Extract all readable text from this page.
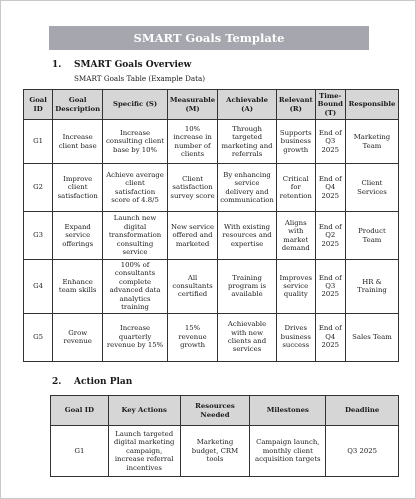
SMART Goals Template
1. SMART Goals Overview
SMART Goals Table (Example Data)
Goal ID	Goal Description	Specific (S)	Measurable (M)	Achievable (A)	Relevant (R)	Time-Bound (T)	Responsible
G1	Increase client base	Increase consulting client base by 10%	10% increase in number of clients	Through targeted marketing and referrals	Supports business growth	End of Q3 2025	Marketing Team
G2	Improve client satisfaction	Achieve average client satisfaction score of 4.8/5	Client satisfaction survey score	By enhancing service delivery and communication	Critical for retention	End of Q4 2025	Client Services
G3	Expand service offerings	Launch new digital transformation consulting service	New service offered and marketed	With existing resources and expertise	Aligns with market demand	End of Q2 2025	Product Team
G4	Enhance team skills	100% of consultants complete advanced data analytics training	All consultants certified	Training program is available	Improves service quality	End of Q3 2025	HR & Training
G5	Grow revenue	Increase quarterly revenue by 15%	15% revenue growth	Achievable with new clients and services	Drives business success	End of Q4 2025	Sales Team
2. Action Plan
Goal ID	Key Actions	Resources Needed	Milestones	Deadline
G1	Launch targeted digital marketing campaign, increase referral incentives	Marketing budget, CRM tools	Campaign launch, monthly client acquisition targets	Q3 2025
